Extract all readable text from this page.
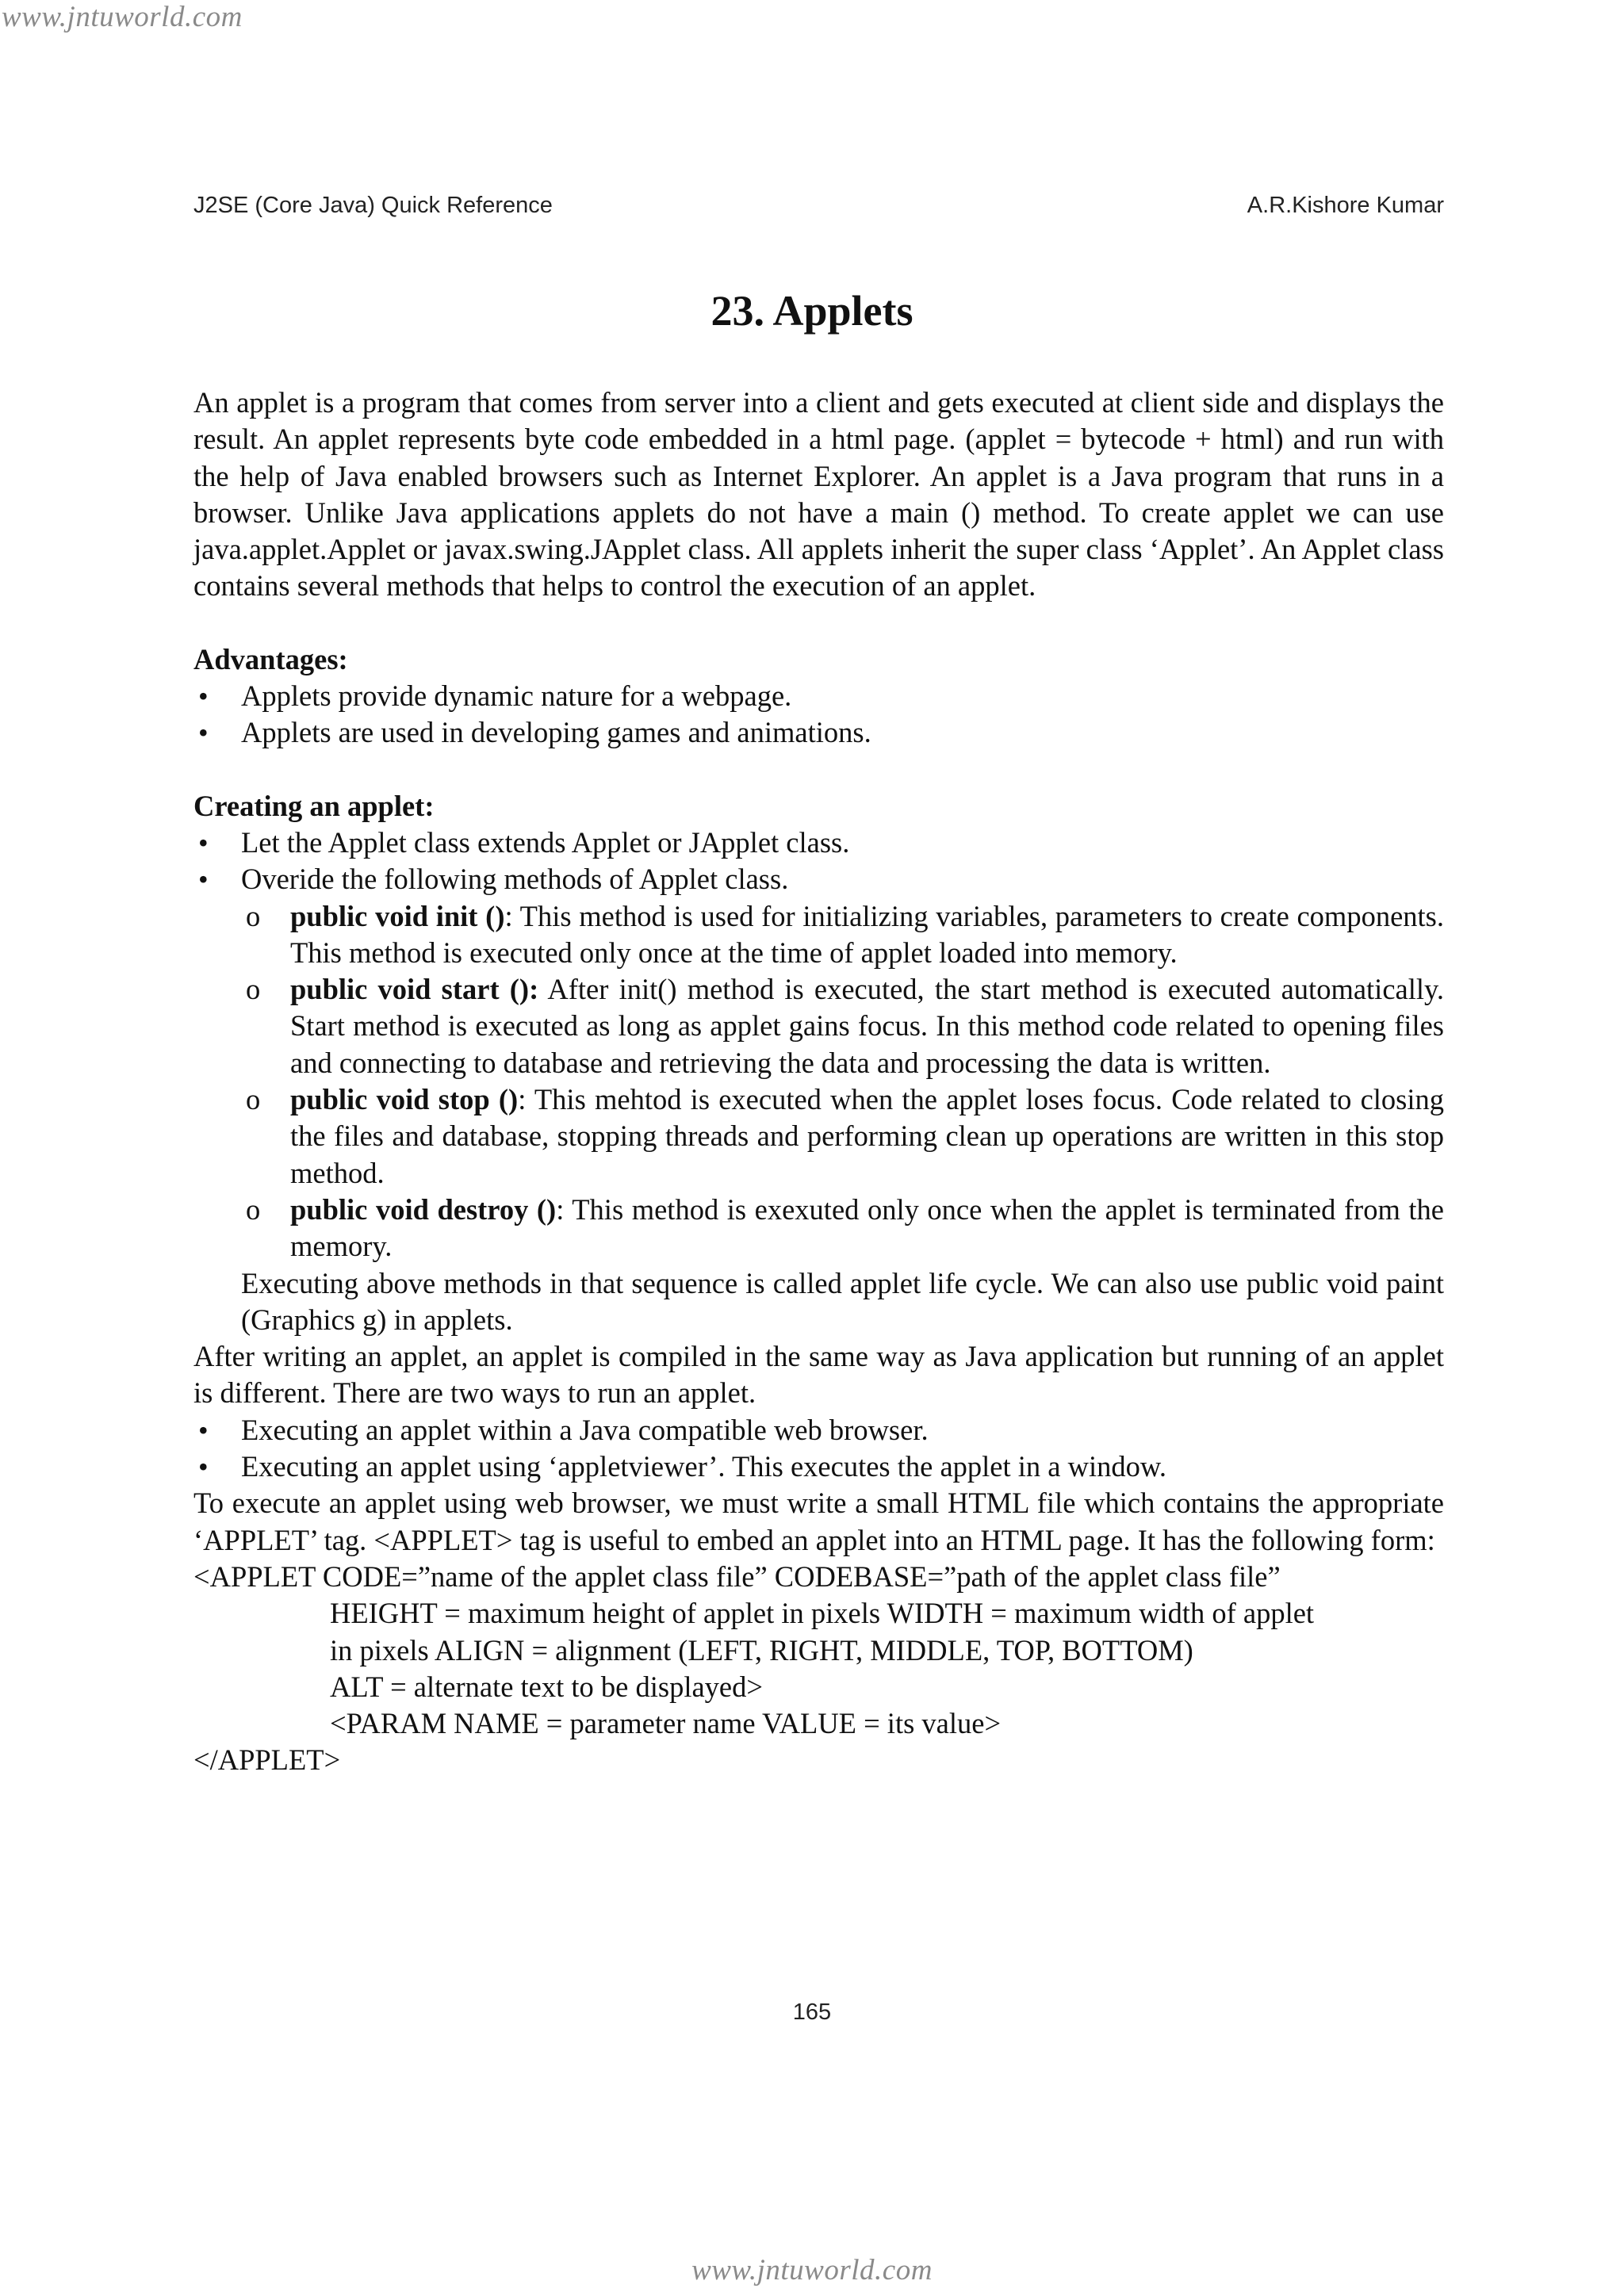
www.jntuworld.com
J2SE (Core Java) Quick Reference	A.R.Kishore Kumar
23. Applets

An applet is a program that comes from server into a client and gets executed at client side and displays the result. An applet represents byte code embedded in a html page. (applet = bytecode + html) and run with the help of Java enabled browsers such as Internet Explorer. An applet is a Java program that runs in a browser. Unlike Java applications applets do not have a main () method. To create applet we can use java.applet.Applet or javax.swing.JApplet class. All applets inherit the super class ‘Applet’. An Applet class contains several methods that helps to control the execution of an applet.

Advantages:

• Applets provide dynamic nature for a webpage.
• Applets are used in developing games and animations.

Creating an applet:

• Let the Applet class extends Applet or JApplet class.
• Overide the following methods of Applet class.
o public void init (): This method is used for initializing variables, parameters to create components. This method is executed only once at the time of applet loaded into memory.
o public void start (): After init() method is executed, the start method is executed automatically. Start method is executed as long as applet gains focus. In this method code related to opening files and connecting to database and retrieving the data and processing the data is written.
o public void stop (): This mehtod is executed when the applet loses focus. Code related to closing the files and database, stopping threads and performing clean up operations are written in this stop method.
o public void destroy (): This method is exexuted only once when the applet is terminated from the memory.

Executing above methods in that sequence is called applet life cycle. We can also use public void paint (Graphics g) in applets.

After writing an applet, an applet is compiled in the same way as Java application but running of an applet is different. There are two ways to run an applet.

• Executing an applet within a Java compatible web browser.
• Executing an applet using ‘appletviewer’. This executes the applet in a window.

To execute an applet using web browser, we must write a small HTML file which contains the appropriate ‘APPLET’ tag. <APPLET> tag is useful to embed an applet into an HTML page. It has the following form:

<APPLET CODE=”name of the applet class file” CODEBASE=”path of the applet class file”

HEIGHT = maximum height of applet in pixels WIDTH = maximum width of applet

in pixels ALIGN = alignment (LEFT, RIGHT, MIDDLE, TOP, BOTTOM)

ALT = alternate text to be displayed>

<PARAM NAME = parameter name VALUE = its value>

</APPLET>

165
www.jntuworld.com
